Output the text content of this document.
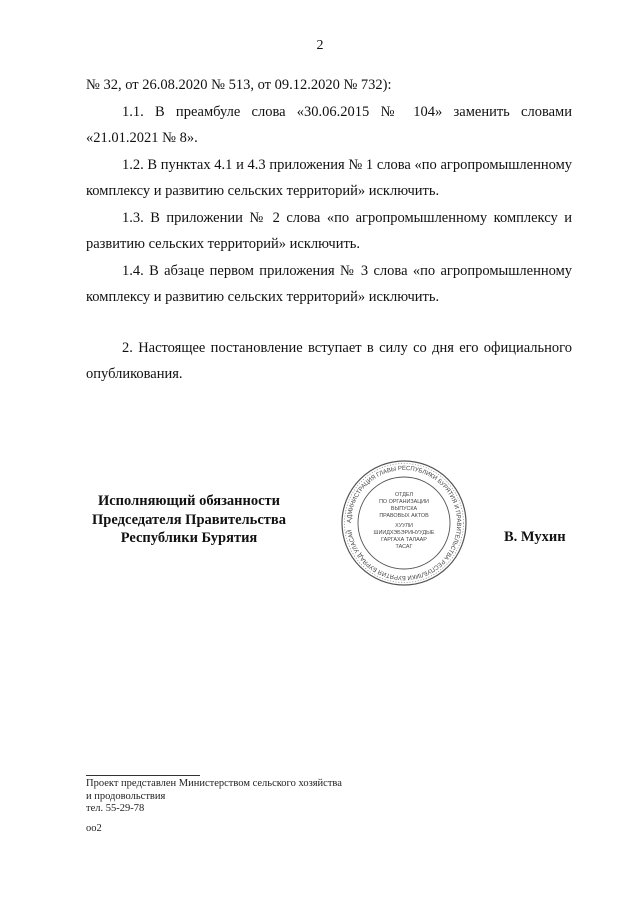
2

№ 32, от 26.08.2020 № 513, от 09.12.2020 № 732):

1.1. В преамбуле слова «30.06.2015 № 104» заменить словами «21.01.2021 № 8».

1.2. В пунктах 4.1 и 4.3 приложения № 1 слова «по агропромышленному комплексу и развитию сельских территорий» исключить.

1.3. В приложении № 2 слова «по агропромышленному комплексу и развитию сельских территорий» исключить.

1.4. В абзаце первом приложения № 3 слова «по агропромышленному комплексу и развитию сельских территорий» исключить.

2. Настоящее постановление вступает в силу со дня его официального опубликования.

Исполняющий обязанности
Председателя Правительства
Республики Бурятия
АДМИНИСТРАЦИЯ ГЛАВЫ РЕСПУБЛИКИ БУРЯТИЯ И ПРАВИТЕЛЬСТВА РЕСПУБЛИКИ БУРЯТИЯ БУРЯАД УЛАСАЙ
ОТДЕЛ
ПО ОРГАНИЗАЦИИ
ВЫПУСКА
ПРАВОВЫХ АКТОВ
ХУУЛИ
ШИИДХЭБЭРИНУУДЫЕ
ГАРГАХА ТАЛААР
ТАСАГ
В. Мухин
Проект представлен Министерством сельского хозяйства
и продовольствия
тел. 55-29-78
оо2
